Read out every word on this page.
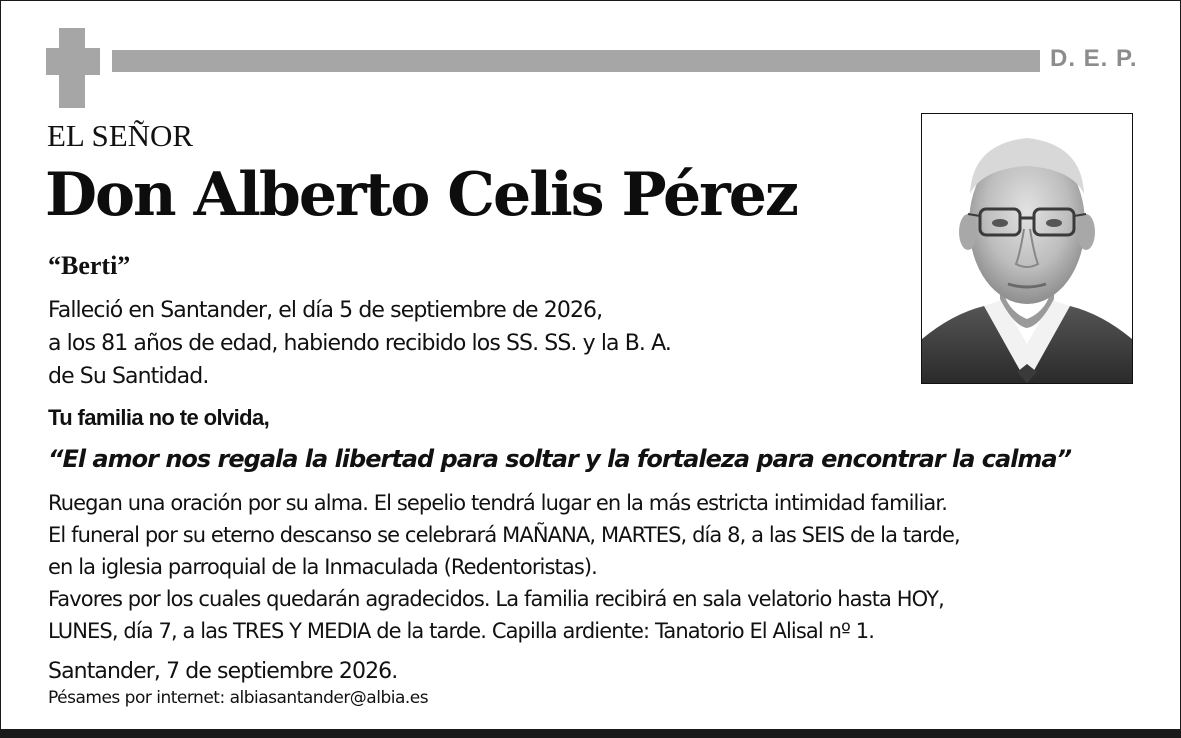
D. E. P.
EL SEÑOR
Don Alberto Celis Pérez
“Berti”
Falleció en Santander, el día 5 de septiembre de 2026,
a los 81 años de edad, habiendo recibido los SS. SS. y la B. A.
de Su Santidad.
Tu familia no te olvida,
“El amor nos regala la libertad para soltar y la fortaleza para encontrar la calma”
Ruegan una oración por su alma. El sepelio tendrá lugar en la más estricta intimidad familiar.
El funeral por su eterno descanso se celebrará MAÑANA, MARTES, día 8, a las SEIS de la tarde,
en la iglesia parroquial de la Inmaculada (Redentoristas).
Favores por los cuales quedarán agradecidos. La familia recibirá en sala velatorio hasta HOY,
LUNES, día 7, a las TRES Y MEDIA de la tarde. Capilla ardiente: Tanatorio El Alisal nº 1.
Santander, 7 de septiembre 2026.
Pésames por internet: albiasantander@albia.es
